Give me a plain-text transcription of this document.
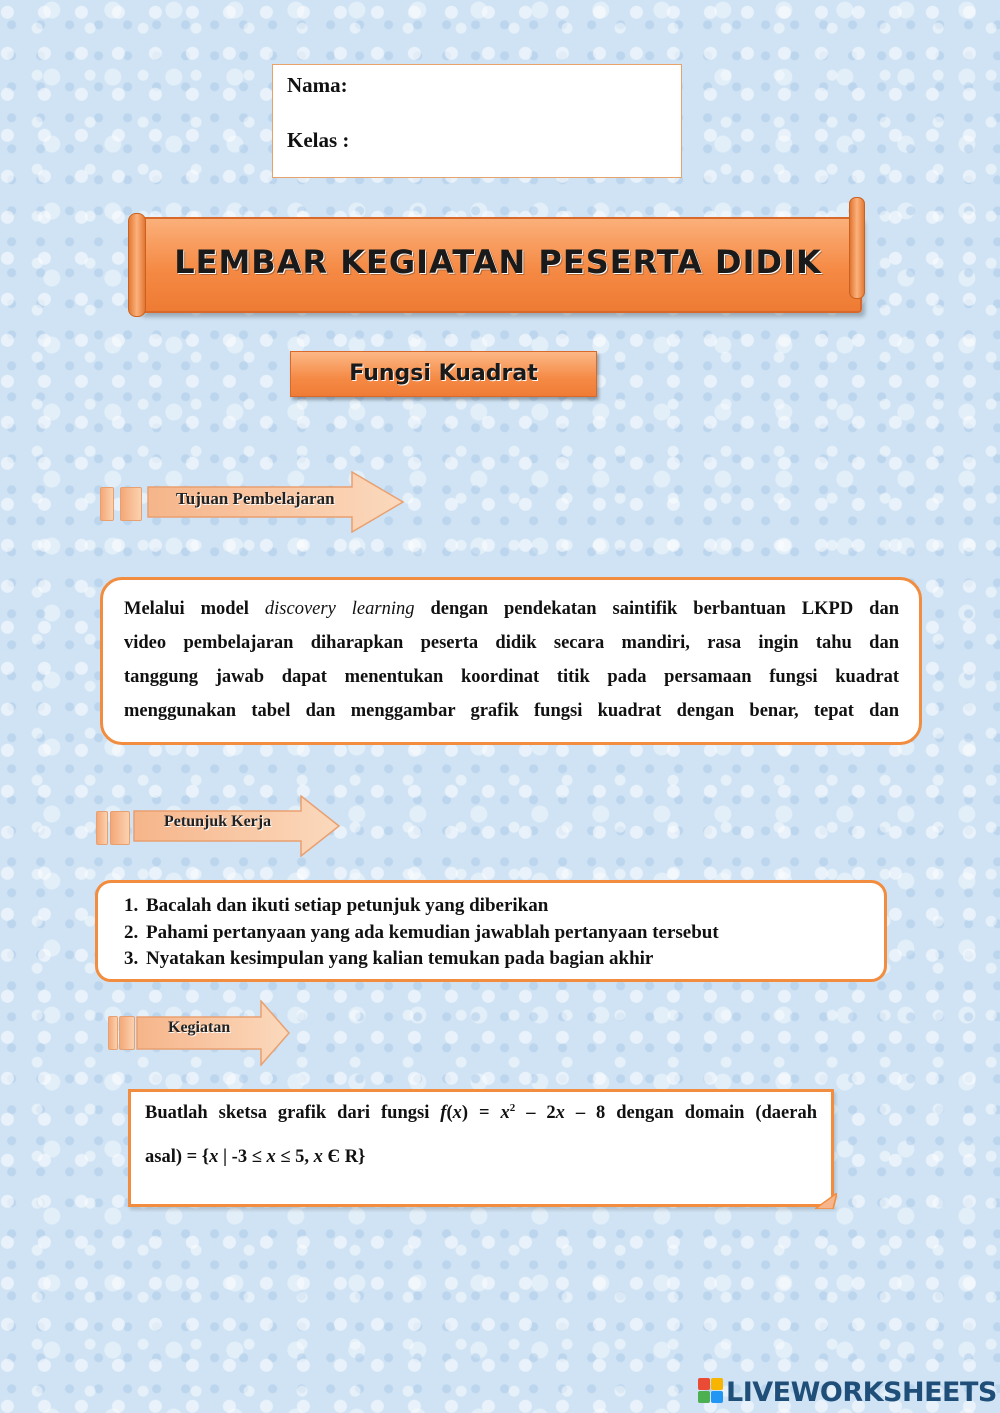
Nama:
Kelas :
LEMBAR KEGIATAN PESERTA DIDIK
Fungsi Kuadrat
Tujuan Pembelajaran
Melalui model discovery learning dengan pendekatan saintifik berbantuan LKPD dan
video pembelajaran diharapkan peserta didik secara mandiri, rasa ingin tahu dan
tanggung jawab dapat menentukan koordinat titik pada persamaan fungsi kuadrat
menggunakan tabel dan menggambar grafik fungsi kuadrat dengan benar, tepat dan
Petunjuk Kerja
1. Bacalah dan ikuti setiap petunjuk yang diberikan
2. Pahami pertanyaan yang ada kemudian jawablah pertanyaan tersebut
3. Nyatakan kesimpulan yang kalian temukan pada bagian akhir
Kegiatan
Buatlah sketsa grafik dari fungsi $f(x) = x^2 - 2x - 8$ dengan domain (daerah
asal) = {x | -3 ≤ x ≤ 5, x Є R}
LIVEWORKSHEETS
